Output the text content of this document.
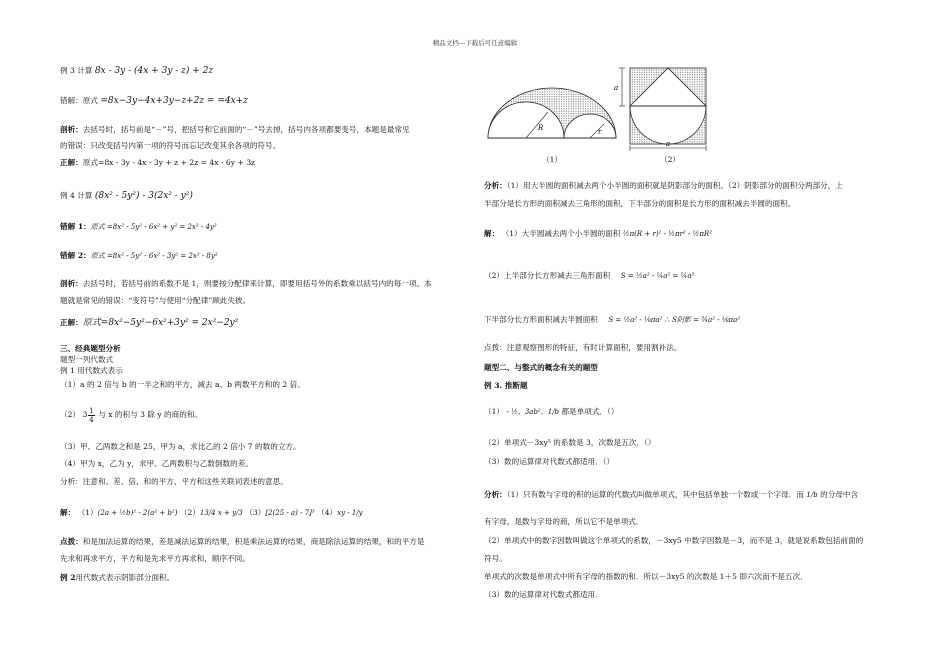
精品文档---下载后可任意编辑
例 3 计算 8x - 3y - (4x + 3y - z) + 2z
错解：原式 =8x−3y−4x+3y−z+2z = =4x+z
剖析：去括号时，括号前是“－”号，把括号和它前面的“－”号去掉，括号内各项都要变号，本题是最常见
的错误：只改变括号内第一项的符号而忘记改变其余各项的符号。
正解：原式=8x - 3y - 4x - 3y + z + 2z = 4x - 6y + 3z
例 4 计算 (8x² - 5y²) - 3(2x² - y²)
错解 1：原式 =8x² - 5y² - 6x² + y² = 2x² - 4y²
错解 2：原式 =8x² - 5y² - 6x² - 3y² = 2x² - 8y²
剖析：去括号时，若括号前的系数不是 1，则要按分配律来计算，即要用括号外的系数乘以括号内的每一项。本
题就是常见的错误：“变符号”与使用“分配律”顾此失彼。
正解：原式=8x²−5y²−6x²+3y² = 2x²−2y²
三、经典题型分析
题型一列代数式
例 1 用代数式表示
（1）a 的 2 倍与 b 的一半之和的平方，减去 a、b 两数平方和的 2 倍。
（2） $3 \frac{1}{4}$ 与 x 的积与 3 除 y 的商的和。
（3）甲、乙两数之和是 25，甲为 a，求比乙的 2 倍小 7 的数的立方。
（4）甲为 x，乙为 y，求甲、乙两数积与乙数倒数的差。
分析：注意和、差、倍、和的平方、平方和这些关联词表述的意思。
解： （1）(2a + ½b)² - 2(a² + b²) （2）13/4 x + y/3 （3）[2(25 - a) - 7]³ （4）xy - 1/y
点拨：和是加法运算的结果，差是减法运算的结果，积是乘法运算的结果，商是除法运算的结果，和的平方是
先求和再求平方，平方和是先求平方再求和，顺序不同。
例 2用代数式表示阴影部分面积。
R	r
（1）
a
a
（2）
分析：（1）用大半圆的面积减去两个小半圆的面积就是阴影部分的面积。（2）阴影部分的面积分两部分，上
半部分是长方形的面积减去三角形的面积，下半部分的面积是长方形的面积减去半圆的面积。
解： （1）大半圆减去两个小半圆的面积 ½π(R + r)² - ½πr² - ½πR²
（2）上半部分长方形减去三角形面积 S = ½a² - ¼a² = ¼a²
下半部分长方形面积减去半圆面积 S = ½a² - ⅛πa² ∴ S阴影 = ¾a² - ⅛πa²
点拨：注意观察图形的特征，有时计算面积，要用割补法。
题型二、与整式的概念有关的题型
例 3. 推断题
（1） - ½、3ab²、1/b 都是单项式．（）
（2）单项式－3xy⁵ 的系数是 3，次数是五次．（）
（3）数的运算律对代数式都适用．（）
分析：（1）只有数与字母的积的运算的代数式叫做单项式，其中包括单独一个数或一个字母．而 1/b 的分母中含
有字母，是数与字母的商，所以它不是单项式．
（2）单项式中的数字因数叫做这个单项式的系数，－3xy5 中数字因数是－3，而不是 3，就是说系数包括前面的
符号。
单项式的次数是单项式中所有字母的指数的和．所以－3xy5 的次数是 1＋5 即六次而不是五次．
（3）数的运算律对代数式都适用．
